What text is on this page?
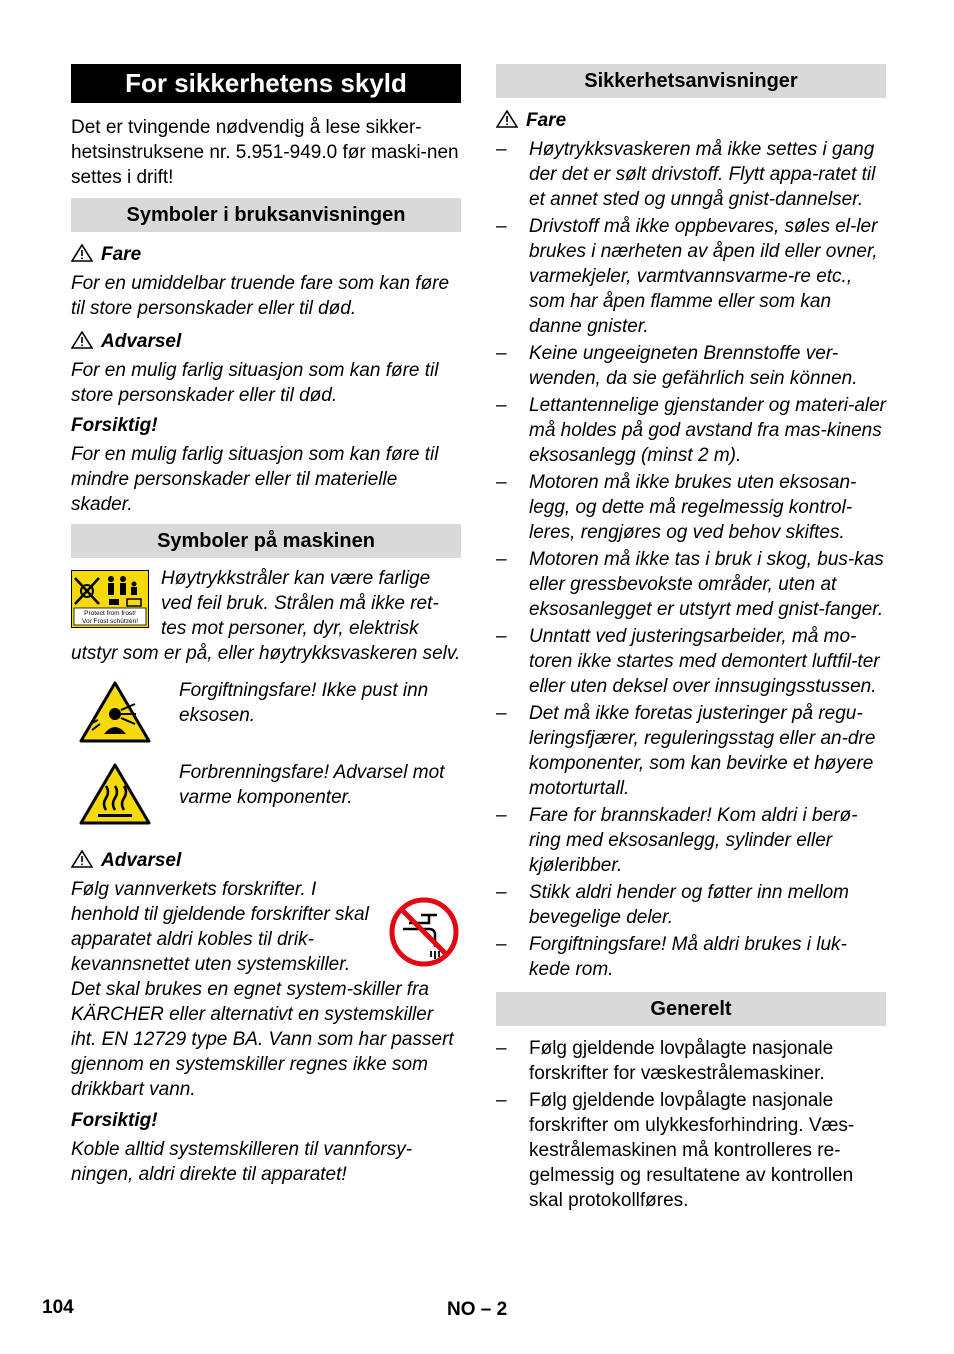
For sikkerhetens skyld

Det er tvingende nødvendig å lese sikker-hetsinstruksene nr. 5.951-949.0 før maski-nen settes i drift!

Symboler i bruksanvisningen
Fare

For en umiddelbar truende fare som kan føre til store personskader eller til død.

Advarsel

For en mulig farlig situasjon som kan føre til store personskader eller til død.

Forsiktig!

For en mulig farlig situasjon som kan føre til mindre personskader eller til materielle skader.

Symboler på maskinen
Protect from frost!
Vor Frost schützen!

Høytrykkstråler kan være farlige ved feil bruk. Strålen må ikke ret-tes mot personer, dyr, elektrisk utstyr som er på, eller høytrykksvaskeren selv.

Forgiftningsfare! Ikke pust inn eksosen.

Forbrenningsfare! Advarsel mot varme komponenter.

Advarsel

Følg vannverkets forskrifter. I henhold til gjeldende forskrifter skal apparatet aldri kobles til drik-kevannsnettet uten systemskiller. Det skal brukes en egnet system-skiller fra KÄRCHER eller alternativt en systemskiller iht. EN 12729 type BA. Vann som har passert gjennom en systemskiller regnes ikke som drikkbart vann.

Forsiktig!

Koble alltid systemskilleren til vannforsy-ningen, aldri direkte til apparatet!

Sikkerhetsanvisninger
Fare
–	Høytrykksvaskeren må ikke settes i gang der det er sølt drivstoff. Flytt appa-ratet til et annet sted og unngå gnist-dannelser.
–	Drivstoff må ikke oppbevares, søles el-ler brukes i nærheten av åpen ild eller ovner, varmekjeler, varmtvannsvarme-re etc., som har åpen flamme eller som kan danne gnister.
–	Keine ungeeigneten Brennstoffe ver-wenden, da sie gefährlich sein können.
–	Lettantennelige gjenstander og materi-aler må holdes på god avstand fra mas-kinens eksosanlegg (minst 2 m).
–	Motoren må ikke brukes uten eksosan-legg, og dette må regelmessig kontrol-leres, rengjøres og ved behov skiftes.
–	Motoren må ikke tas i bruk i skog, bus-kas eller gressbevokste områder, uten at eksosanlegget er utstyrt med gnist-fanger.
–	Unntatt ved justeringsarbeider, må mo-toren ikke startes med demontert luftfil-ter eller uten deksel over innsugingsstussen.
–	Det må ikke foretas justeringer på regu-leringsfjærer, reguleringsstag eller an-dre komponenter, som kan bevirke et høyere motorturtall.
–	Fare for brannskader! Kom aldri i berø-ring med eksosanlegg, sylinder eller kjøleribber.
–	Stikk aldri hender og føtter inn mellom bevegelige deler.
–	Forgiftningsfare! Må aldri brukes i luk-kede rom.
Generelt
–	Følg gjeldende lovpålagte nasjonale forskrifter for væskestrålemaskiner.
–	Følg gjeldende lovpålagte nasjonale forskrifter om ulykkesforhindring. Væs-kestrålemaskinen må kontrolleres re-gelmessig og resultatene av kontrollen skal protokollføres.
104	NO – 2
